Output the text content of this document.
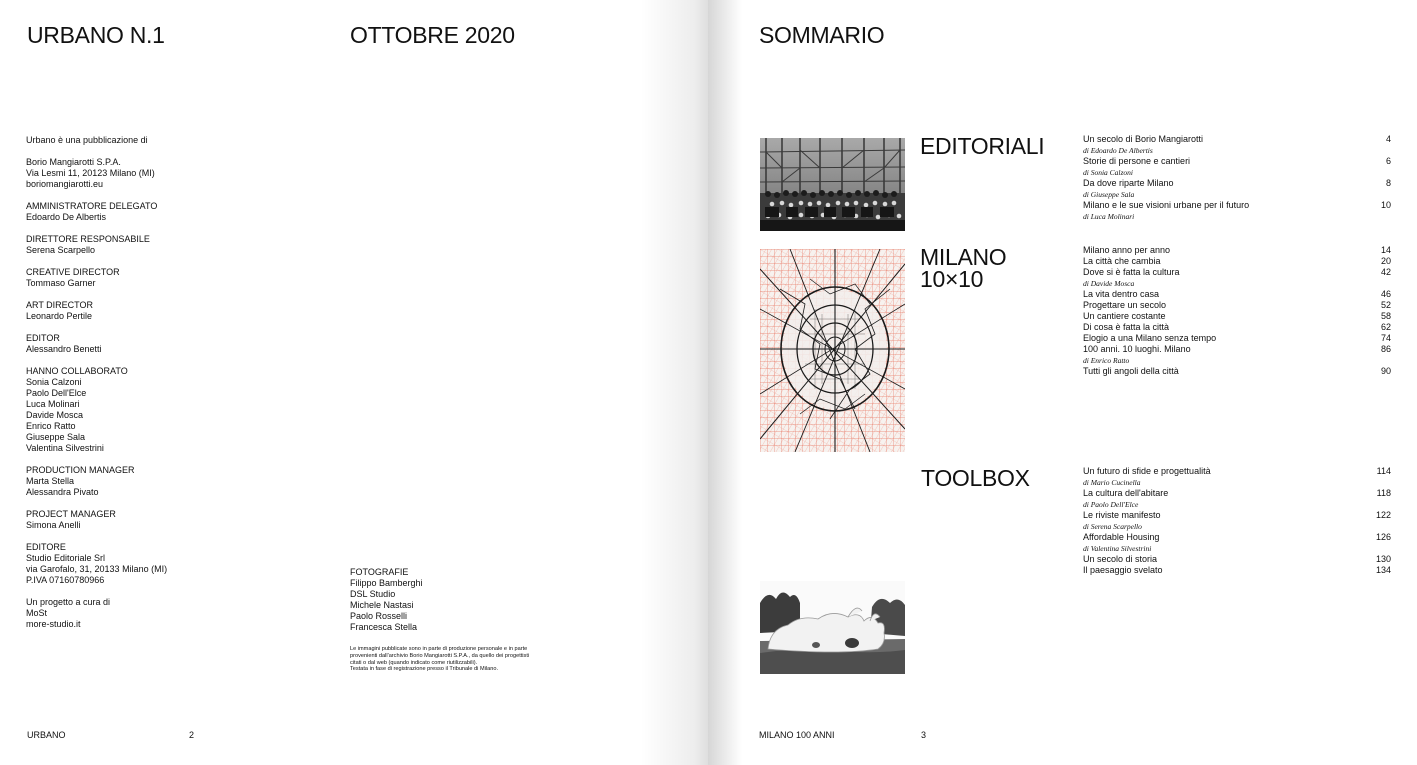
URBANO N.1	OTTOBRE 2020
Urbano è una pubblicazione di
Borio Mangiarotti S.P.A.
Via Lesmi 11, 20123 Milano (MI)
boriomangiarotti.eu
AMMINISTRATORE DELEGATO
Edoardo De Albertis
DIRETTORE RESPONSABILE
Serena Scarpello
CREATIVE DIRECTOR
Tommaso Garner
ART DIRECTOR
Leonardo Pertile
EDITOR
Alessandro Benetti
HANNO COLLABORATO
Sonia Calzoni
Paolo Dell'Elce
Luca Molinari
Davide Mosca
Enrico Ratto
Giuseppe Sala
Valentina Silvestrini
PRODUCTION MANAGER
Marta Stella
Alessandra Pivato
PROJECT MANAGER
Simona Anelli
EDITORE
Studio Editoriale Srl
via Garofalo, 31, 20133 Milano (MI)
P.IVA 07160780966
Un progetto a cura di
MoSt
more-studio.it
FOTOGRAFIE
Filippo Bamberghi
DSL Studio
Michele Nastasi
Paolo Rosselli
Francesca Stella
Le immagini pubblicate sono in parte di produzione personale e in parte
provenienti dall'archivio Borio Mangiarotti S.P.A., da quello dei progettisti
citati o dal web (quando indicato come riutilizzabili).
Testata in fase di registrazione presso il Tribunale di Milano.
URBANO	2
SOMMARIO
EDITORIALI
MILANO
10×10
TOOLBOX
Un secolo di Borio Mangiarotti	4
di Edoardo De Albertis
Storie di persone e cantieri	6
di Sonia Calzoni
Da dove riparte Milano	8
di Giuseppe Sala
Milano e le sue visioni urbane per il futuro	10
di Luca Molinari
Milano anno per anno	14
La città che cambia	20
Dove si è fatta la cultura	42
di Davide Mosca
La vita dentro casa	46
Progettare un secolo	52
Un cantiere costante	58
Di cosa è fatta la città	62
Elogio a una Milano senza tempo	74
100 anni. 10 luoghi. Milano	86
di Enrico Ratto
Tutti gli angoli della città	90
Un futuro di sfide e progettualità	114
di Mario Cucinella
La cultura dell'abitare	118
di Paolo Dell'Elce
Le riviste manifesto	122
di Serena Scarpello
Affordable Housing	126
di Valentina Silvestrini
Un secolo di storia	130
Il paesaggio svelato	134
MILANO 100 ANNI	3
